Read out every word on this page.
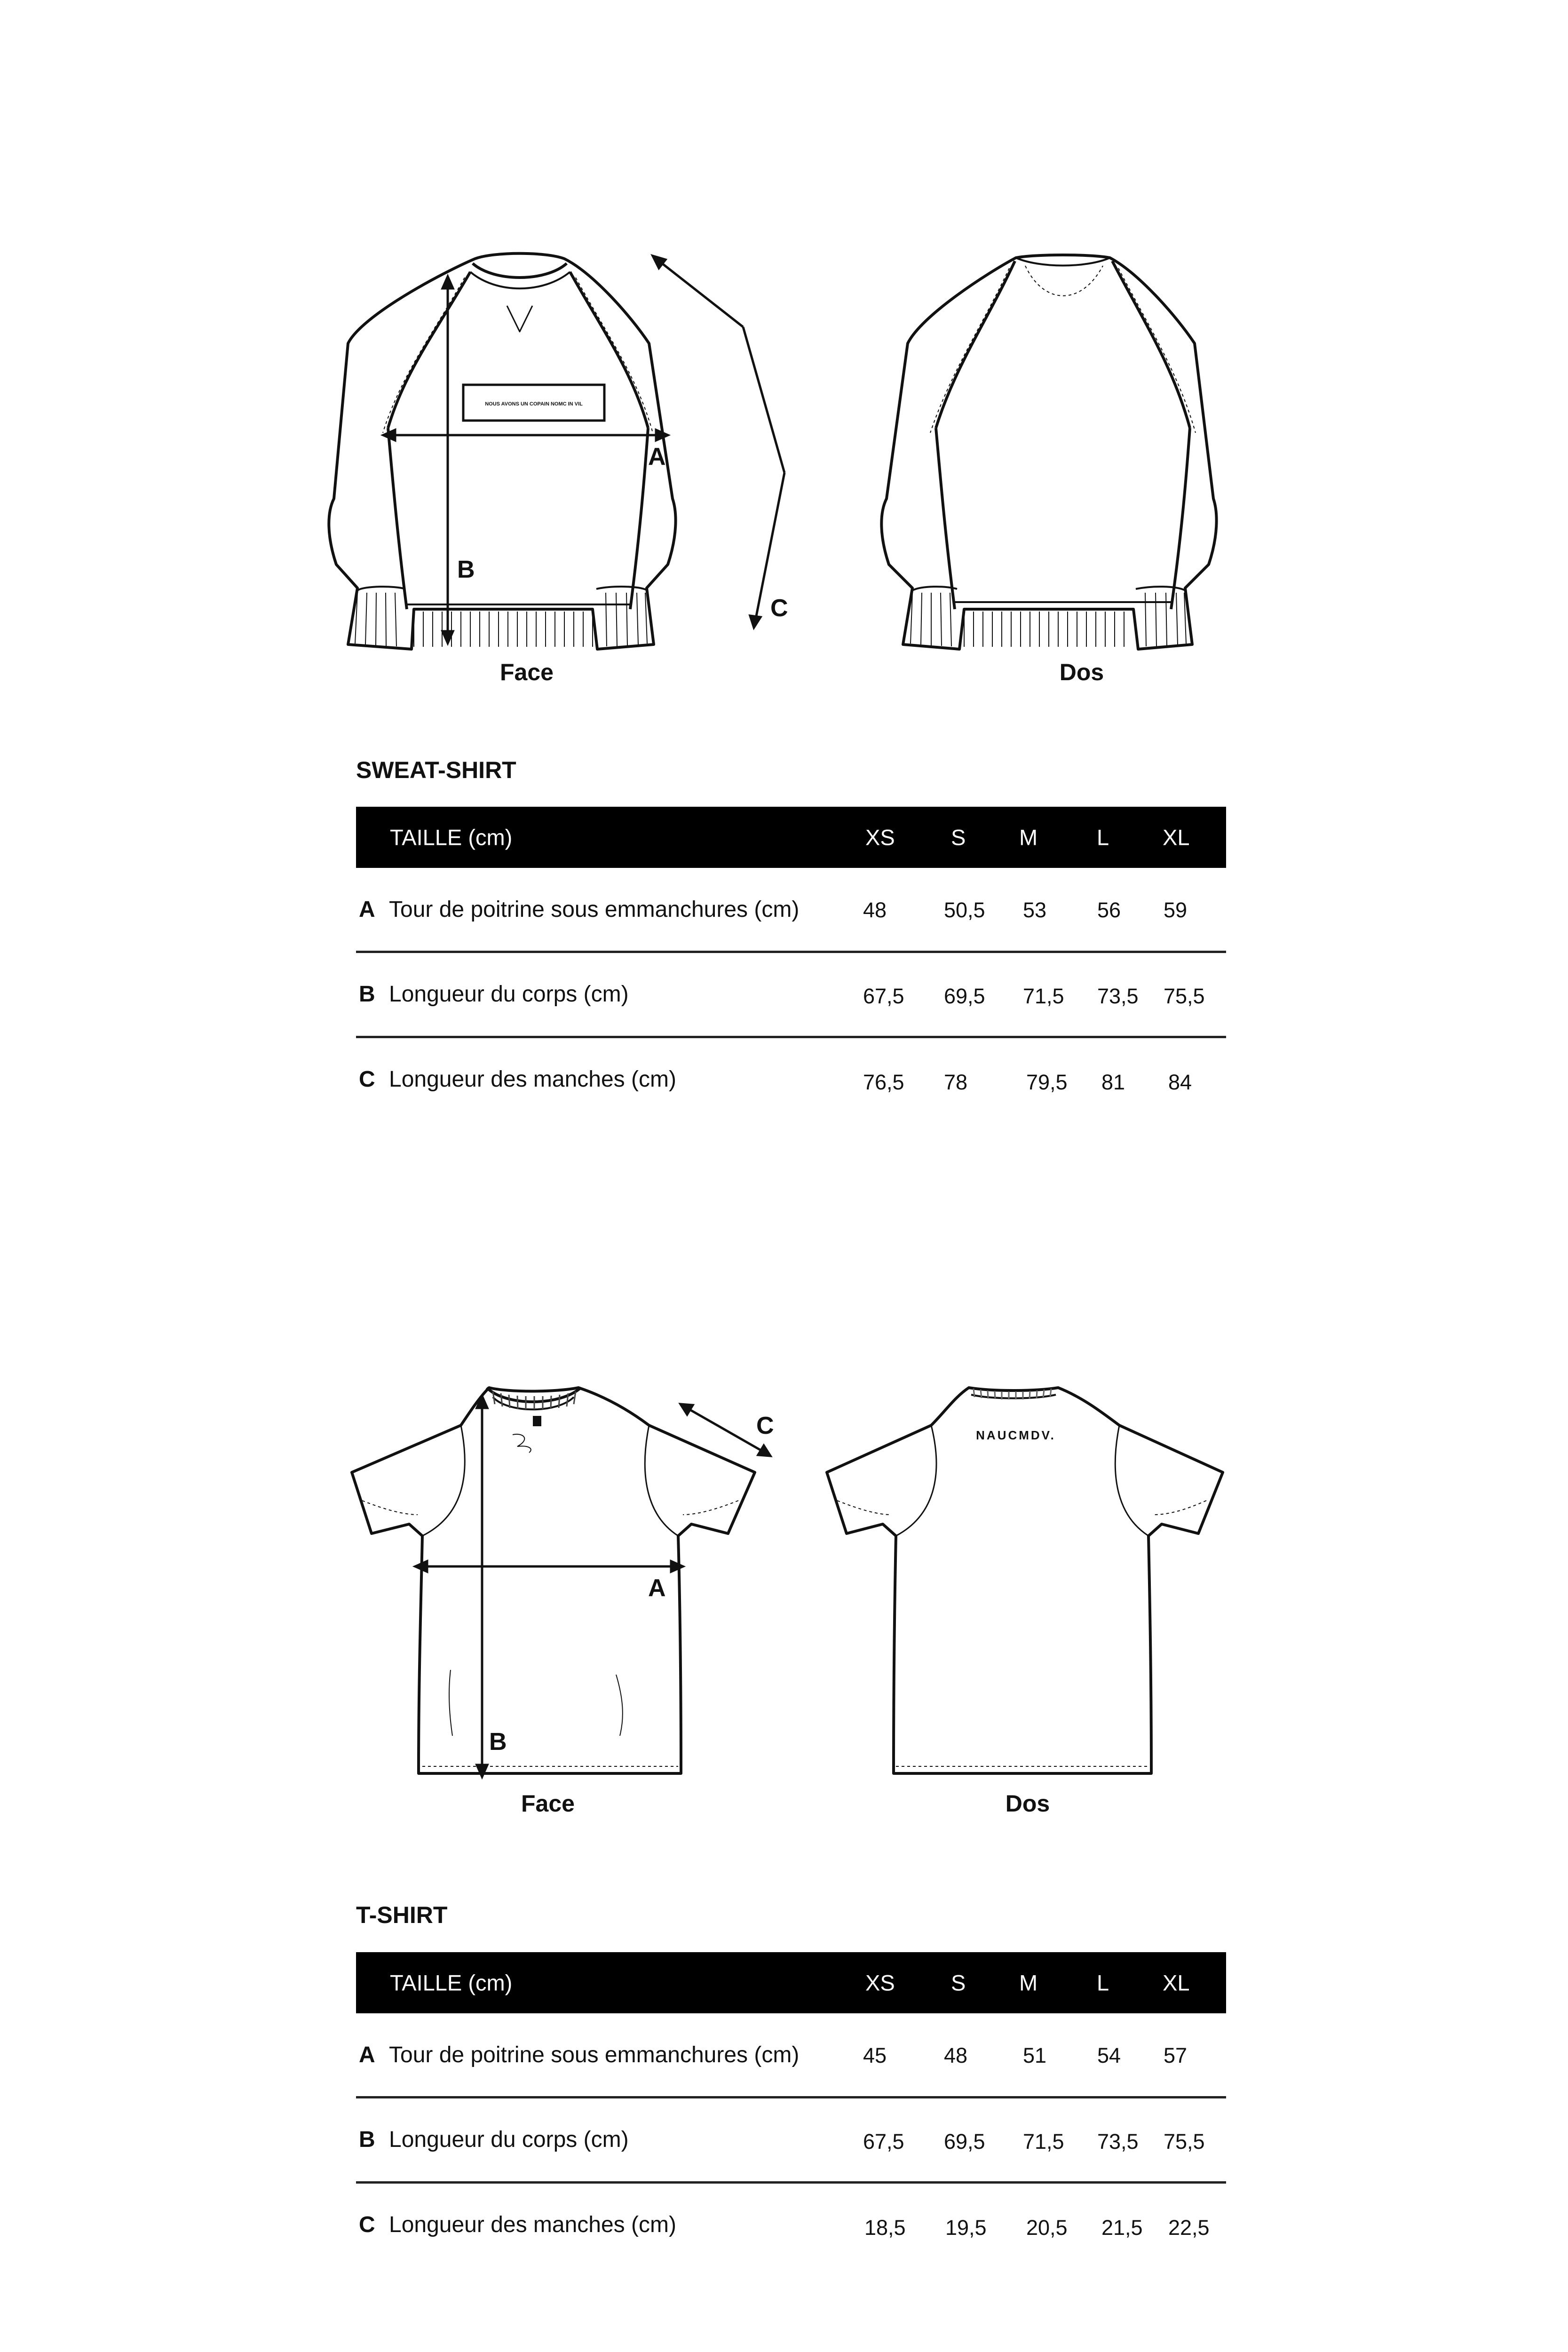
NOUS AVONS UN COPAIN NOMC IN VIL
A
B
C
Face	Dos
SWEAT-SHIRT
TAILLE (cm)	XS	S M	L XL
A Tour de poitrine sous emmanchures (cm)	48	50,5 53 56 59
B Longueur du corps (cm)	67,5 69,5 71,5 73,5 75,5
C Longueur des manches (cm)	76,5 78	79,5 81 84
A
B
C
Face
NAUCMDV.
Dos
T-SHIRT
TAILLE (cm)	XS	S M	L XL
A Tour de poitrine sous emmanchures (cm)	45	48	51 54 57
B Longueur du corps (cm)	67,5 69,5 71,5 73,5 75,5
C Longueur des manches (cm)	18,5 19,5 20,5 21,5 22,5
